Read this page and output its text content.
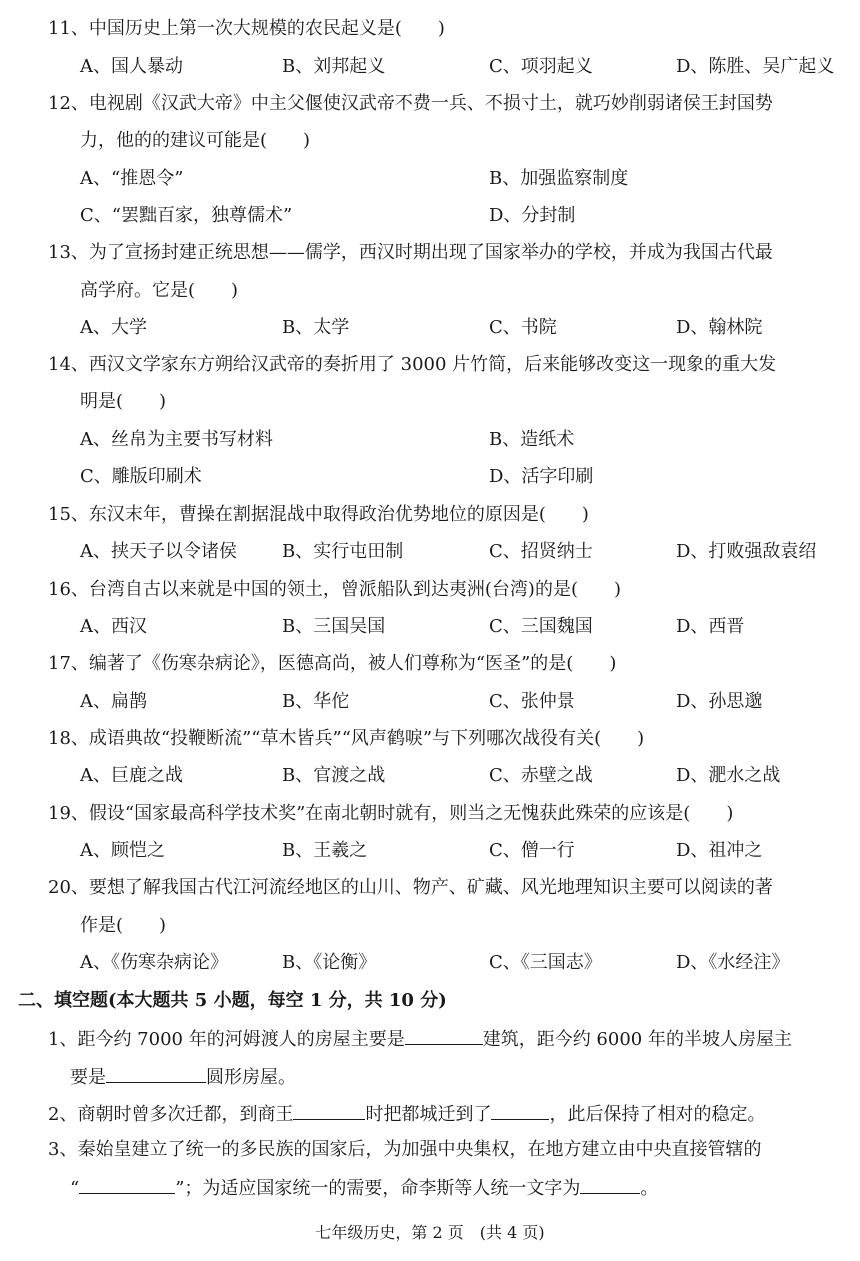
11、中国历史上第一次大规模的农民起义是(　　)
A、国人暴动	B、刘邦起义	C、项羽起义	D、陈胜、吴广起义
12、电视剧《汉武大帝》中主父偃使汉武帝不费一兵、不损寸土，就巧妙削弱诸侯王封国势
力，他的的建议可能是(　　)
A、“推恩令”	B、加强监察制度
C、“罢黜百家，独尊儒术”	D、分封制
13、为了宣扬封建正统思想——儒学，西汉时期出现了国家举办的学校，并成为我国古代最
高学府。它是(　　)
A、大学	B、太学	C、书院	D、翰林院
14、西汉文学家东方朔给汉武帝的奏折用了 3000 片竹简，后来能够改变这一现象的重大发
明是(　　)
A、丝帛为主要书写材料	B、造纸术
C、雕版印刷术	D、活字印刷
15、东汉末年，曹操在割据混战中取得政治优势地位的原因是(　　)
A、挟天子以令诸侯	B、实行屯田制	C、招贤纳士	D、打败强敌袁绍
16、台湾自古以来就是中国的领土，曾派船队到达夷洲(台湾)的是(　　)
A、西汉	B、三国吴国	C、三国魏国	D、西晋
17、编著了《伤寒杂病论》，医德高尚，被人们尊称为“医圣”的是(　　)
A、扁鹊	B、华佗	C、张仲景	D、孙思邈
18、成语典故“投鞭断流”“草木皆兵”“风声鹤唳”与下列哪次战役有关(　　)
A、巨鹿之战	B、官渡之战	C、赤壁之战	D、淝水之战
19、假设“国家最高科学技术奖”在南北朝时就有，则当之无愧获此殊荣的应该是(　　)
A、顾恺之	B、王羲之	C、僧一行	D、祖冲之
20、要想了解我国古代江河流经地区的山川、物产、矿藏、风光地理知识主要可以阅读的著
作是(　　)
A、《伤寒杂病论》	B、《论衡》	C、《三国志》	D、《水经注》
二、填空题(本大题共 5 小题，每空 1 分，共 10 分)
1、距今约 7000 年的河姆渡人的房屋主要是	建筑，距今约 6000 年的半坡人房屋主
要是	圆形房屋。
2、商朝时曾多次迁都，到商王	时把都城迁到了	，此后保持了相对的稳定。
3、秦始皇建立了统一的多民族的国家后，为加强中央集权，在地方建立由中央直接管辖的
“	”；为适应国家统一的需要，命李斯等人统一文字为	。
七年级历史，第 2 页　(共 4 页)
